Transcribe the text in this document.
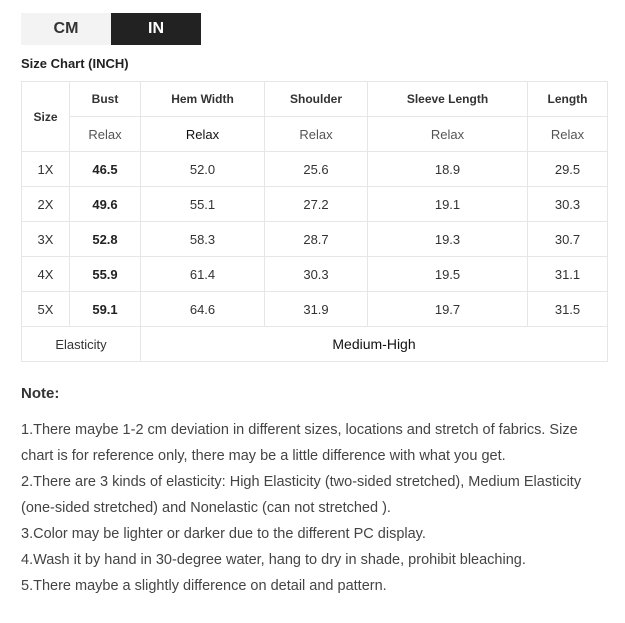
CM	IN
Size Chart (INCH)
Size	Bust	Hem Width	Shoulder	Sleeve Length	Length
	Relax	Relax	Relax	Relax	Relax
1X	46.5	52.0	25.6	18.9	29.5
2X	49.6	55.1	27.2	19.1	30.3
3X	52.8	58.3	28.7	19.3	30.7
4X	55.9	61.4	30.3	19.5	31.1
5X	59.1	64.6	31.9	19.7	31.5
Elasticity		Medium-High			
Note:

1.There maybe 1-2 cm deviation in different sizes, locations and stretch of fabrics. Size chart is for reference only, there may be a little difference with what you get.

2.There are 3 kinds of elasticity: High Elasticity (two-sided stretched), Medium Elasticity (one-sided stretched) and Nonelastic (can not stretched ).

3.Color may be lighter or darker due to the different PC display.

4.Wash it by hand in 30-degree water, hang to dry in shade, prohibit bleaching.

5.There maybe a slightly difference on detail and pattern.
